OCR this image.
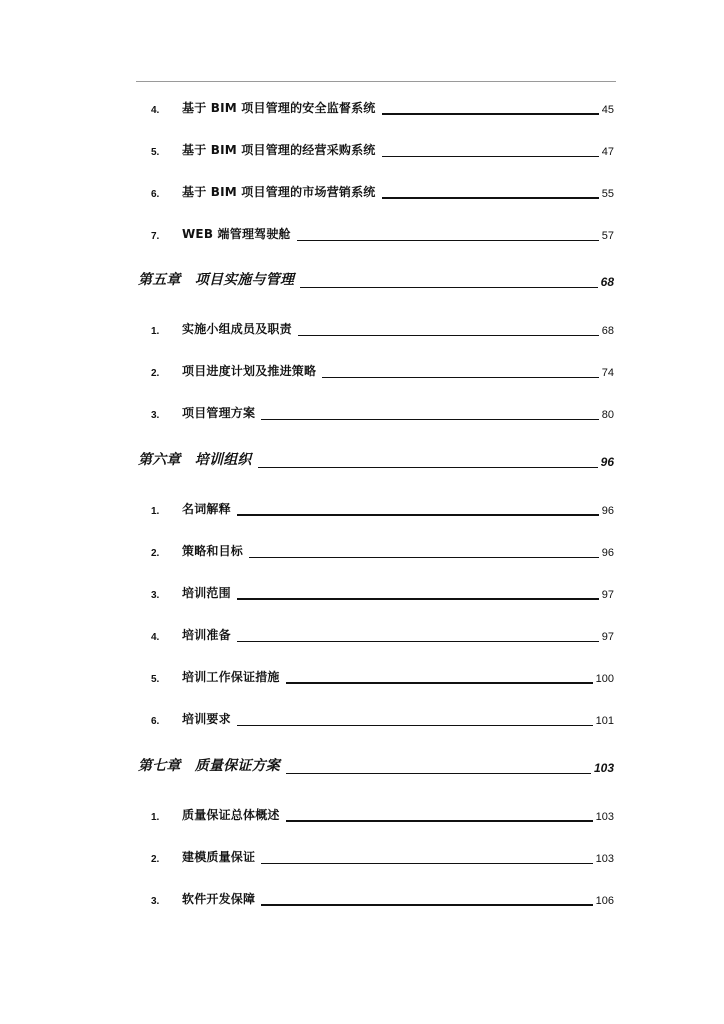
4. 基于 BIM 项目管理的安全监督系统	45
5. 基于 BIM 项目管理的经营采购系统	47
6. 基于 BIM 项目管理的市场营销系统	55
7. WEB 端管理驾驶舱	57
第五章　项目实施与管理	68
1. 实施小组成员及职责	68
2. 项目进度计划及推进策略	74
3. 项目管理方案	80
第六章　培训组织	96
1. 名词解释	96
2. 策略和目标	96
3. 培训范围	97
4. 培训准备	97
5. 培训工作保证措施	100
6. 培训要求	101
第七章　质量保证方案	103
1. 质量保证总体概述	103
2. 建模质量保证	103
3. 软件开发保障	106
